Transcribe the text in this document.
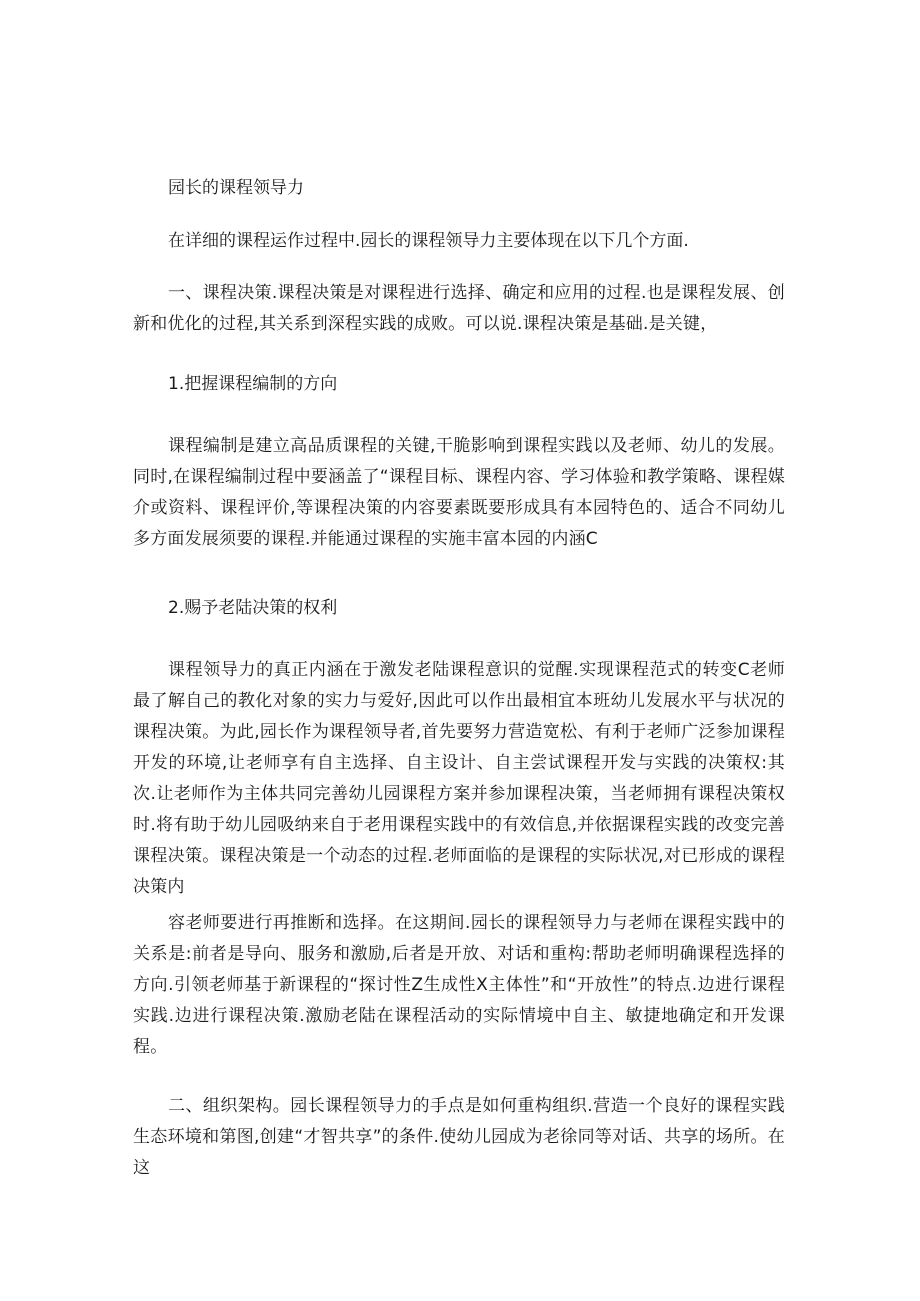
园长的课程领导力

在详细的课程运作过程中.园长的课程领导力主要体现在以下几个方面.

一、课程决策.课程决策是对课程进行选择、确定和应用的过程.也是课程发展、创新和优化的过程,其关系到深程实践的成败。可以说.课程决策是基础.是关键，

1.把握课程编制的方向

课程编制是建立高品质课程的关键,干脆影响到课程实践以及老师、幼儿的发展。同时,在课程编制过程中要涵盖了“课程目标、课程内容、学习体验和教学策略、课程媒介或资料、课程评价,等课程决策的内容要素既要形成具有本园特色的、适合不同幼儿多方面发展须要的课程.并能通过课程的实施丰富本园的内涵C

2.赐予老陆决策的权利

课程领导力的真正内涵在于激发老陆课程意识的觉醒.实现课程范式的转变C老师最了解自己的教化对象的实力与爱好,因此可以作出最相宜本班幼儿发展水平与状况的课程决策。为此,园长作为课程领导者,首先要努力营造宽松、有利于老师广泛参加课程开发的环境,让老师享有自主选择、自主设计、自主尝试课程开发与实践的决策权:其次.让老师作为主体共同完善幼儿园课程方案并参加课程决策，当老师拥有课程决策权时.将有助于幼儿园吸纳来自于老用课程实践中的有效信息,并依据课程实践的改变完善课程决策。课程决策是一个动态的过程.老师面临的是课程的实际状况,对已形成的课程决策内

容老师要进行再推断和选择。在这期间.园长的课程领导力与老师在课程实践中的关系是:前者是导向、服务和激励,后者是开放、对话和重构:帮助老师明确课程选择的方向.引领老师基于新课程的“探讨性Z生成性X主体性”和“开放性”的特点.边进行课程实践.边进行课程决策.激励老陆在课程活动的实际情境中自主、敏捷地确定和开发课程。

二、组织架构。园长课程领导力的手点是如何重构组织.营造一个良好的课程实践生态环境和第图,创建“才智共享”的条件.使幼儿园成为老徐同等对话、共享的场所。在这
